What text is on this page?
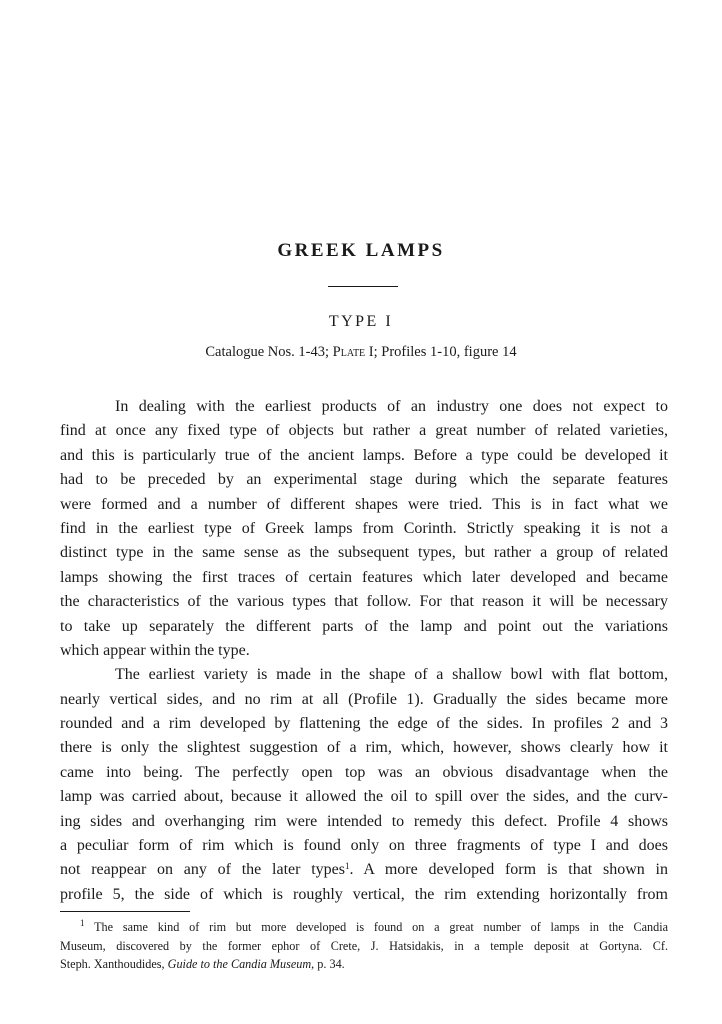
GREEK LAMPS
TYPE I
Catalogue Nos. 1-43; Plate I; Profiles 1-10, figure 14
In dealing with the earliest products of an industry one does not expect to
find at once any fixed type of objects but rather a great number of related varieties,
and this is particularly true of the ancient lamps. Before a type could be developed it
had to be preceded by an experimental stage during which the separate features
were formed and a number of different shapes were tried. This is in fact what we
find in the earliest type of Greek lamps from Corinth. Strictly speaking it is not a
distinct type in the same sense as the subsequent types, but rather a group of related
lamps showing the first traces of certain features which later developed and became
the characteristics of the various types that follow. For that reason it will be necessary
to take up separately the different parts of the lamp and point out the variations
which appear within the type.
The earliest variety is made in the shape of a shallow bowl with flat bottom,
nearly vertical sides, and no rim at all (Profile 1). Gradually the sides became more
rounded and a rim developed by flattening the edge of the sides. In profiles 2 and 3
there is only the slightest suggestion of a rim, which, however, shows clearly how it
came into being. The perfectly open top was an obvious disadvantage when the
lamp was carried about, because it allowed the oil to spill over the sides, and the curv-
ing sides and overhanging rim were intended to remedy this defect. Profile 4 shows
a peculiar form of rim which is found only on three fragments of type I and does
not reappear on any of the later types$^1$. A more developed form is that shown in
profile 5, the side of which is roughly vertical, the rim extending horizontally from
$^1$ The same kind of rim but more developed is found on a great number of lamps in the Candia
Museum, discovered by the former ephor of Crete, J. Hatsidakis, in a temple deposit at Gortyna. Cf.
Steph. Xanthoudides, Guide to the Candia Museum, p. 34.
